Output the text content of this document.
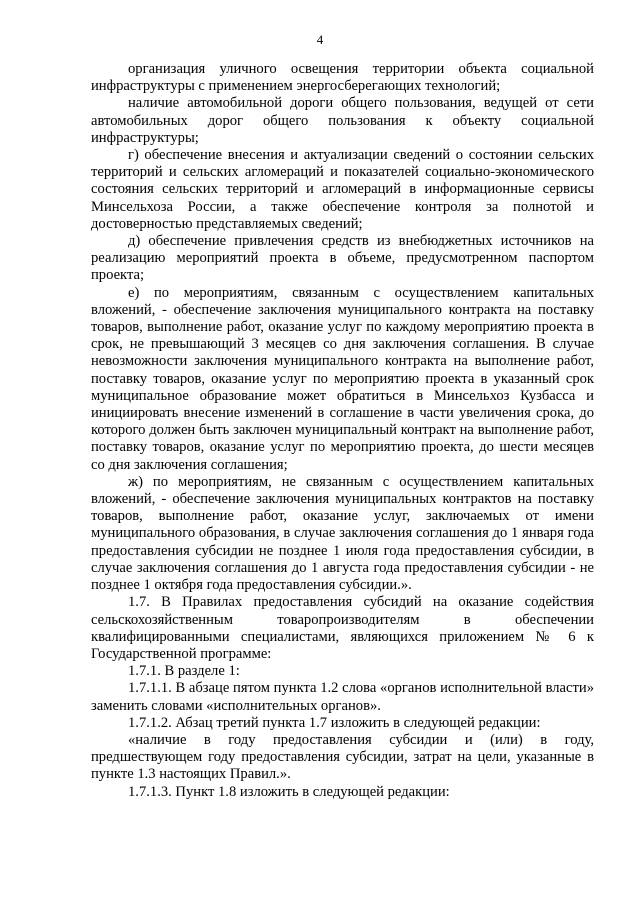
4

организация уличного освещения территории объекта социальной инфраструктуры с применением энергосберегающих технологий;

наличие автомобильной дороги общего пользования, ведущей от сети автомобильных дорог общего пользования к объекту социальной инфраструктуры;

г) обеспечение внесения и актуализации сведений о состоянии сельских территорий и сельских агломераций и показателей социально-экономического состояния сельских территорий и агломераций в информационные сервисы Минсельхоза России, а также обеспечение контроля за полнотой и достоверностью представляемых сведений;

д) обеспечение привлечения средств из внебюджетных источников на реализацию мероприятий проекта в объеме, предусмотренном паспортом проекта;

е) по мероприятиям, связанным с осуществлением капитальных вложений, - обеспечение заключения муниципального контракта на поставку товаров, выполнение работ, оказание услуг по каждому мероприятию проекта в срок, не превышающий 3 месяцев со дня заключения соглашения. В случае невозможности заключения муниципального контракта на выполнение работ, поставку товаров, оказание услуг по мероприятию проекта в указанный срок муниципальное образование может обратиться в Минсельхоз Кузбасса и инициировать внесение изменений в соглашение в части увеличения срока, до которого должен быть заключен муниципальный контракт на выполнение работ, поставку товаров, оказание услуг по мероприятию проекта, до шести месяцев со дня заключения соглашения;

ж) по мероприятиям, не связанным с осуществлением капитальных вложений, - обеспечение заключения муниципальных контрактов на поставку товаров, выполнение работ, оказание услуг, заключаемых от имени муниципального образования, в случае заключения соглашения до 1 января года предоставления субсидии не позднее 1 июля года предоставления субсидии, в случае заключения соглашения до 1 августа года предоставления субсидии - не позднее 1 октября года предоставления субсидии.».

1.7. В Правилах предоставления субсидий на оказание содействия сельскохозяйственным товаропроизводителям в обеспечении квалифицированными специалистами, являющихся приложением № 6 к Государственной программе:

1.7.1. В разделе 1:

1.7.1.1. В абзаце пятом пункта 1.2 слова «органов исполнительной власти» заменить словами «исполнительных органов».

1.7.1.2. Абзац третий пункта 1.7 изложить в следующей редакции:

«наличие в году предоставления субсидии и (или) в году, предшествующем году предоставления субсидии, затрат на цели, указанные в пункте 1.3 настоящих Правил.».

1.7.1.3. Пункт 1.8 изложить в следующей редакции:
